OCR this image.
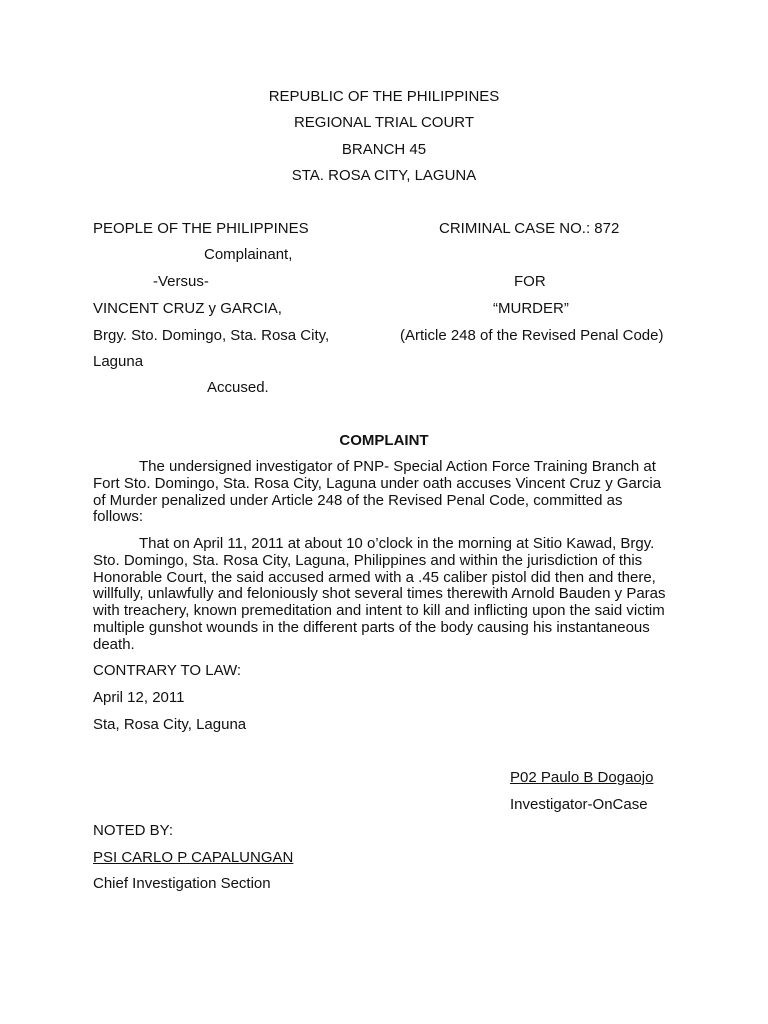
REPUBLIC OF THE PHILIPPINES
REGIONAL TRIAL COURT
BRANCH 45
STA. ROSA CITY, LAGUNA
PEOPLE OF THE PHILIPPINES
Complainant,
-Versus-
VINCENT CRUZ y GARCIA,
Brgy. Sto. Domingo, Sta. Rosa City,
Laguna
Accused.
CRIMINAL CASE NO.: 872
FOR
“MURDER”
(Article 248 of the Revised Penal Code)
COMPLAINT
The undersigned investigator of PNP- Special Action Force Training Branch at Fort Sto. Domingo, Sta. Rosa City, Laguna under oath accuses Vincent Cruz y Garcia of Murder penalized under Article 248 of the Revised Penal Code, committed as follows:
That on April 11, 2011 at about 10 o’clock in the morning at Sitio Kawad, Brgy. Sto. Domingo, Sta. Rosa City, Laguna, Philippines and within the jurisdiction of this Honorable Court, the said accused armed with a .45 caliber pistol did then and there, willfully, unlawfully and feloniously shot several times therewith Arnold Bauden y Paras with treachery, known premeditation and intent to kill and inflicting upon the said victim multiple gunshot wounds in the different parts of the body causing his instantaneous death.
CONTRARY TO LAW:
April 12, 2011
Sta, Rosa City, Laguna
P02 Paulo B Dogaojo
Investigator-OnCase
NOTED BY:
PSI CARLO P CAPALUNGAN
Chief Investigation Section
